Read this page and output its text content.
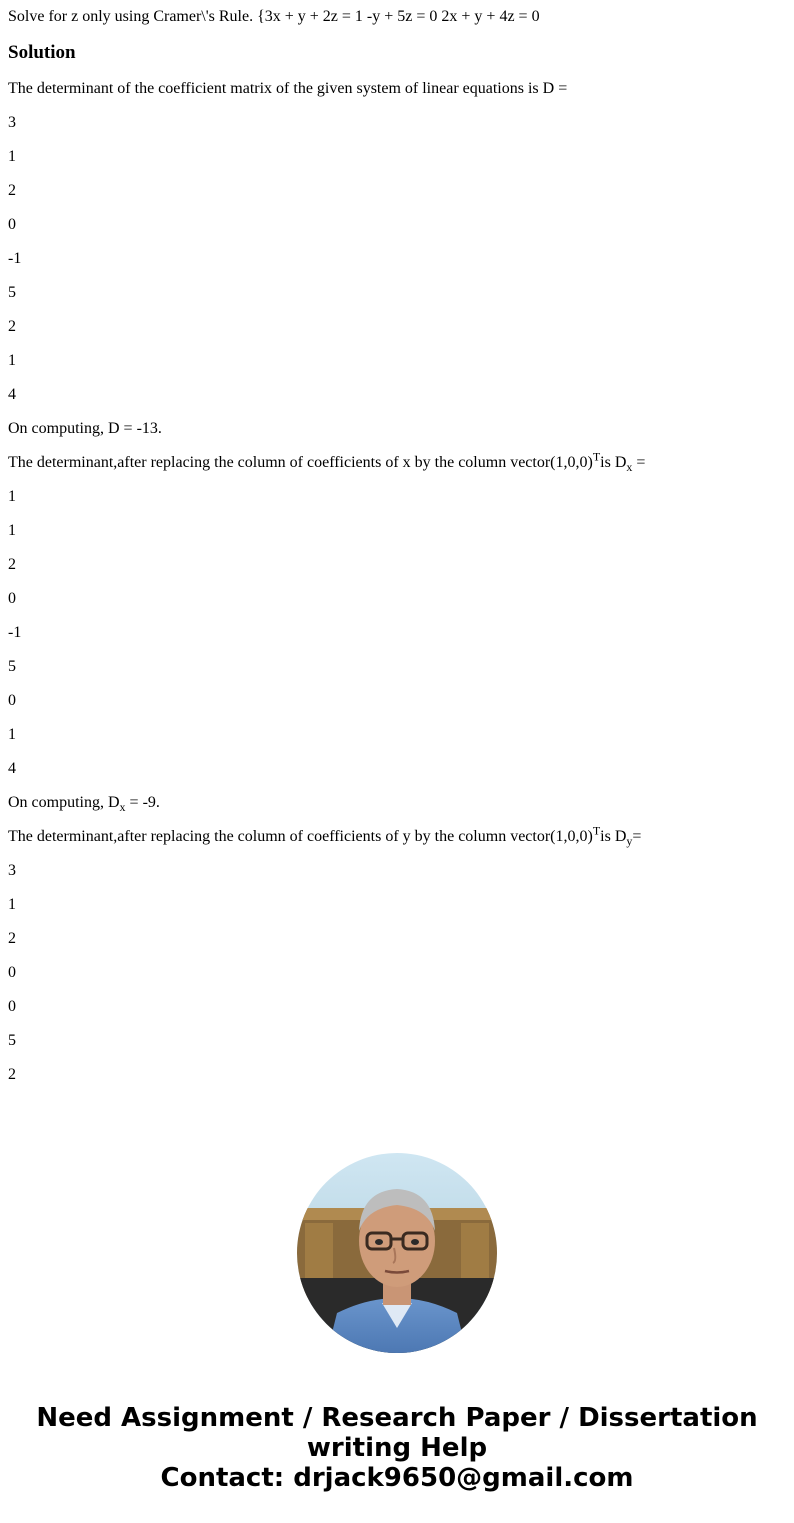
Solve for z only using Cramer\'s Rule. {3x + y + 2z = 1 -y + 5z = 0 2x + y + 4z = 0

Solution

The determinant of the coefficient matrix of the given system of linear equations is D =

3

1

2

0

-1

5

2

1

4

On computing, D = -13.

The determinant,after replacing the column of coefficients of x by the column $vector(1,0,0)^Tis$ $D_x$ =

1

1

2

0

-1

5

0

1

4

On computing, $D_x = -9$.

The determinant,after replacing the column of coefficients of y by the column $vector(1,0,0)^Tis$ $D_y=$

3

1

2

0

0

5

2

Need Assignment / Research Paper / Dissertation
writing Help
Contact: drjack9650@gmail.com
